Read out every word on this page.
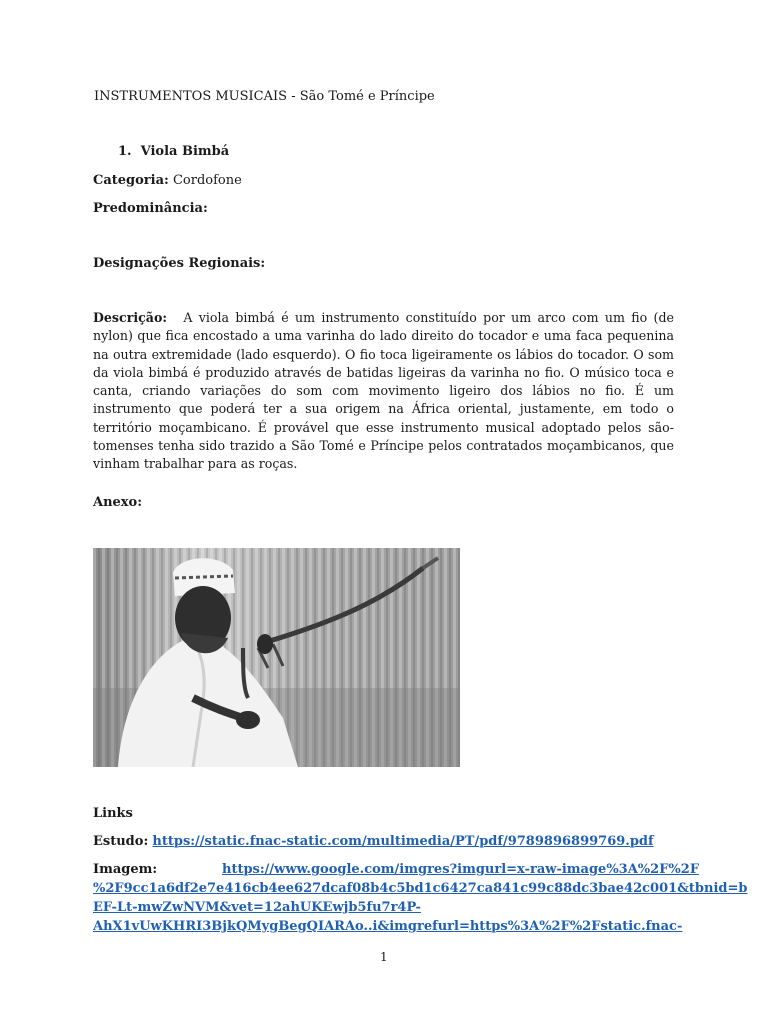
INSTRUMENTOS MUSICAIS - São Tomé e Príncipe
1.  Viola Bimbá
Categoria: Cordofone
Predominância:
Designações Regionais:
Descrição: A viola bimbá é um instrumento constituído por um arco com um fio (de nylon) que fica encostado a uma varinha do lado direito do tocador e uma faca pequenina na outra extremidade (lado esquerdo). O fio toca ligeiramente os lábios do tocador. O som da viola bimbá é produzido através de batidas ligeiras da varinha no fio. O músico toca e canta, criando variações do som com movimento ligeiro dos lábios no fio. É um instrumento que poderá ter a sua origem na África oriental, justamente, em todo o território moçambicano. É provável que esse instrumento musical adoptado pelos são-tomenses tenha sido trazido a São Tomé e Príncipe pelos contratados moçambicanos, que vinham trabalhar para as roças.
Anexo:
Links
Estudo: https://static.fnac-static.com/multimedia/PT/pdf/9789896899769.pdf
Imagem:	https://www.google.com/imgres?imgurl=x-raw-image%3A%2F%2F
%2F9cc1a6df2e7e416cb4ee627dcaf08b4c5bd1c6427ca841c99c88dc3bae42c001&tbnid=b
EF-Lt-mwZwNVM&vet=12ahUKEwjb5fu7r4P-
AhX1vUwKHRI3BjkQMygBegQIARAo..i&imgrefurl=https%3A%2F%2Fstatic.fnac-
1
